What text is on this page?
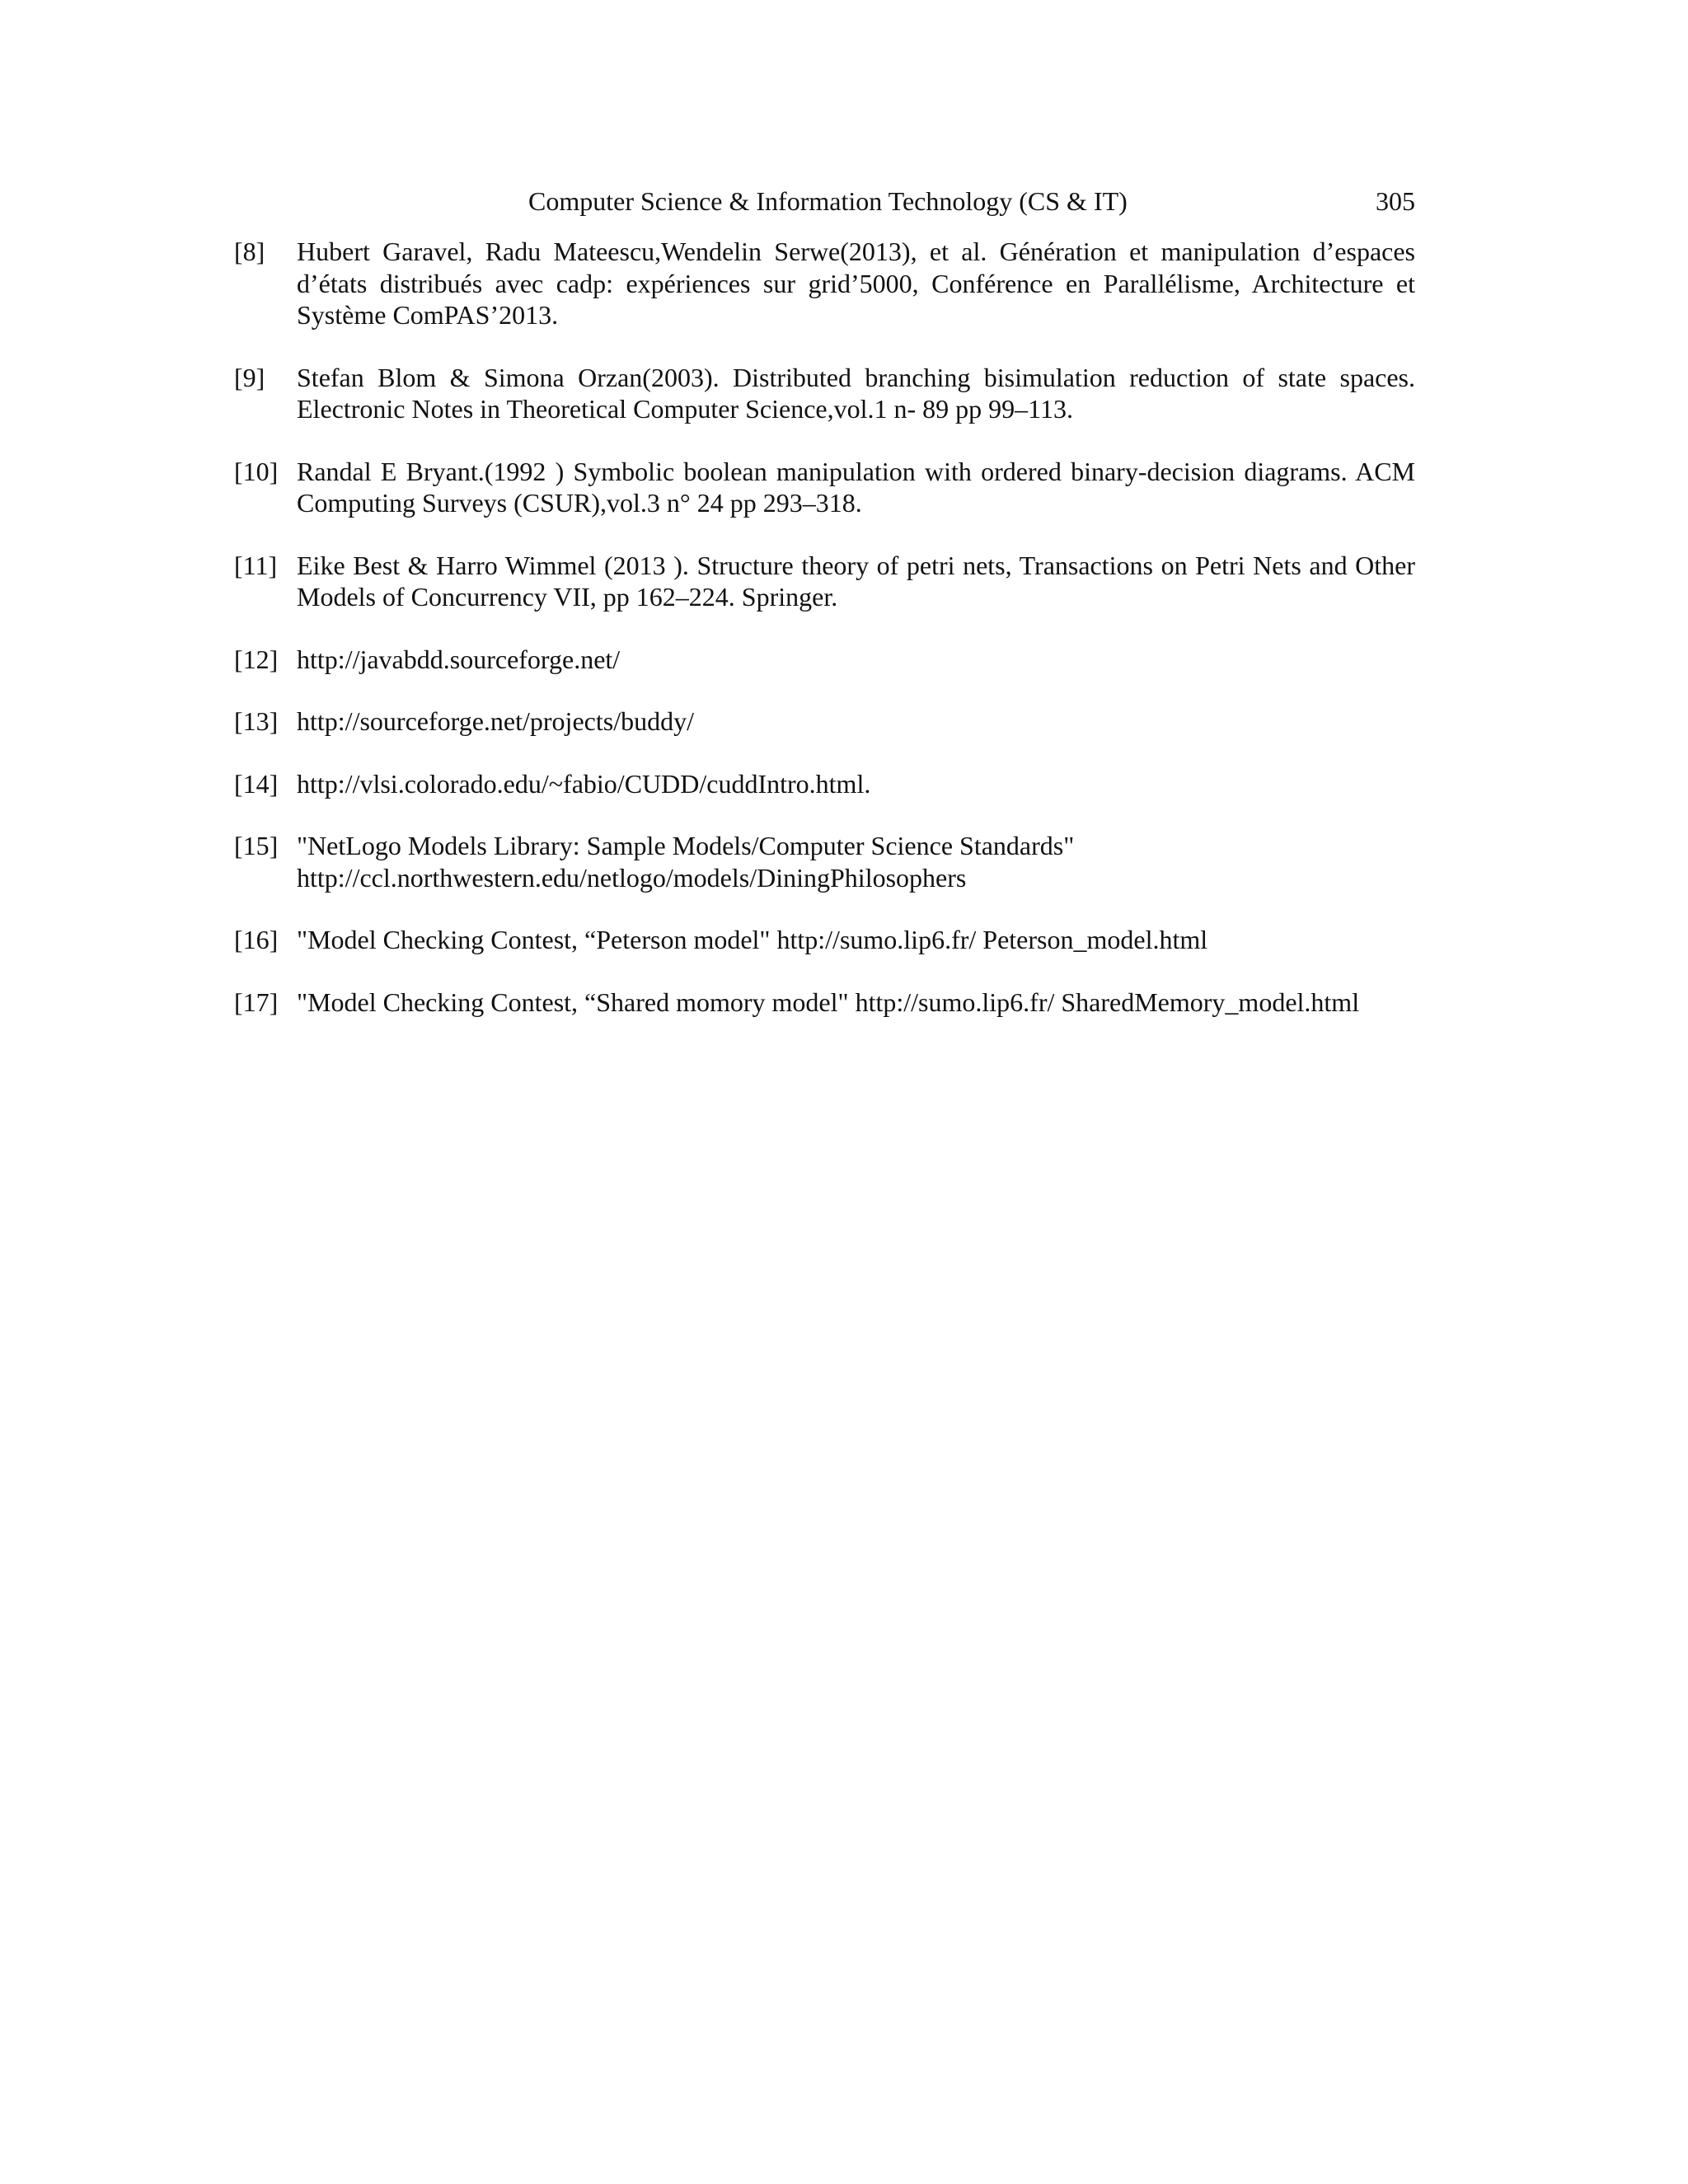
Computer Science & Information Technology (CS & IT)	305
[8]	Hubert Garavel, Radu Mateescu,Wendelin Serwe(2013), et al. Génération et manipulation d’espaces d’états distribués avec cadp: expériences sur grid’5000, Conférence en Parallélisme, Architecture et Système ComPAS’2013.
[9]	Stefan Blom & Simona Orzan(2003). Distributed branching bisimulation reduction of state spaces. Electronic Notes in Theoretical Computer Science,vol.1 n- 89 pp 99–113.
[10] Randal E Bryant.(1992 ) Symbolic boolean manipulation with ordered binary-decision diagrams. ACM Computing Surveys (CSUR),vol.3 n° 24 pp 293–318.
[11] Eike Best & Harro Wimmel (2013 ). Structure theory of petri nets, Transactions on Petri Nets and Other Models of Concurrency VII, pp 162–224. Springer.
[12] http://javabdd.sourceforge.net/
[13] http://sourceforge.net/projects/buddy/
[14] http://vlsi.colorado.edu/~fabio/CUDD/cuddIntro.html.
[15] "NetLogo Models Library: Sample Models/Computer Science Standards"
http://ccl.northwestern.edu/netlogo/models/DiningPhilosophers
[16] "Model Checking Contest, “Peterson model" http://sumo.lip6.fr/ Peterson_model.html
[17] "Model Checking Contest, “Shared momory model" http://sumo.lip6.fr/ SharedMemory_model.html
